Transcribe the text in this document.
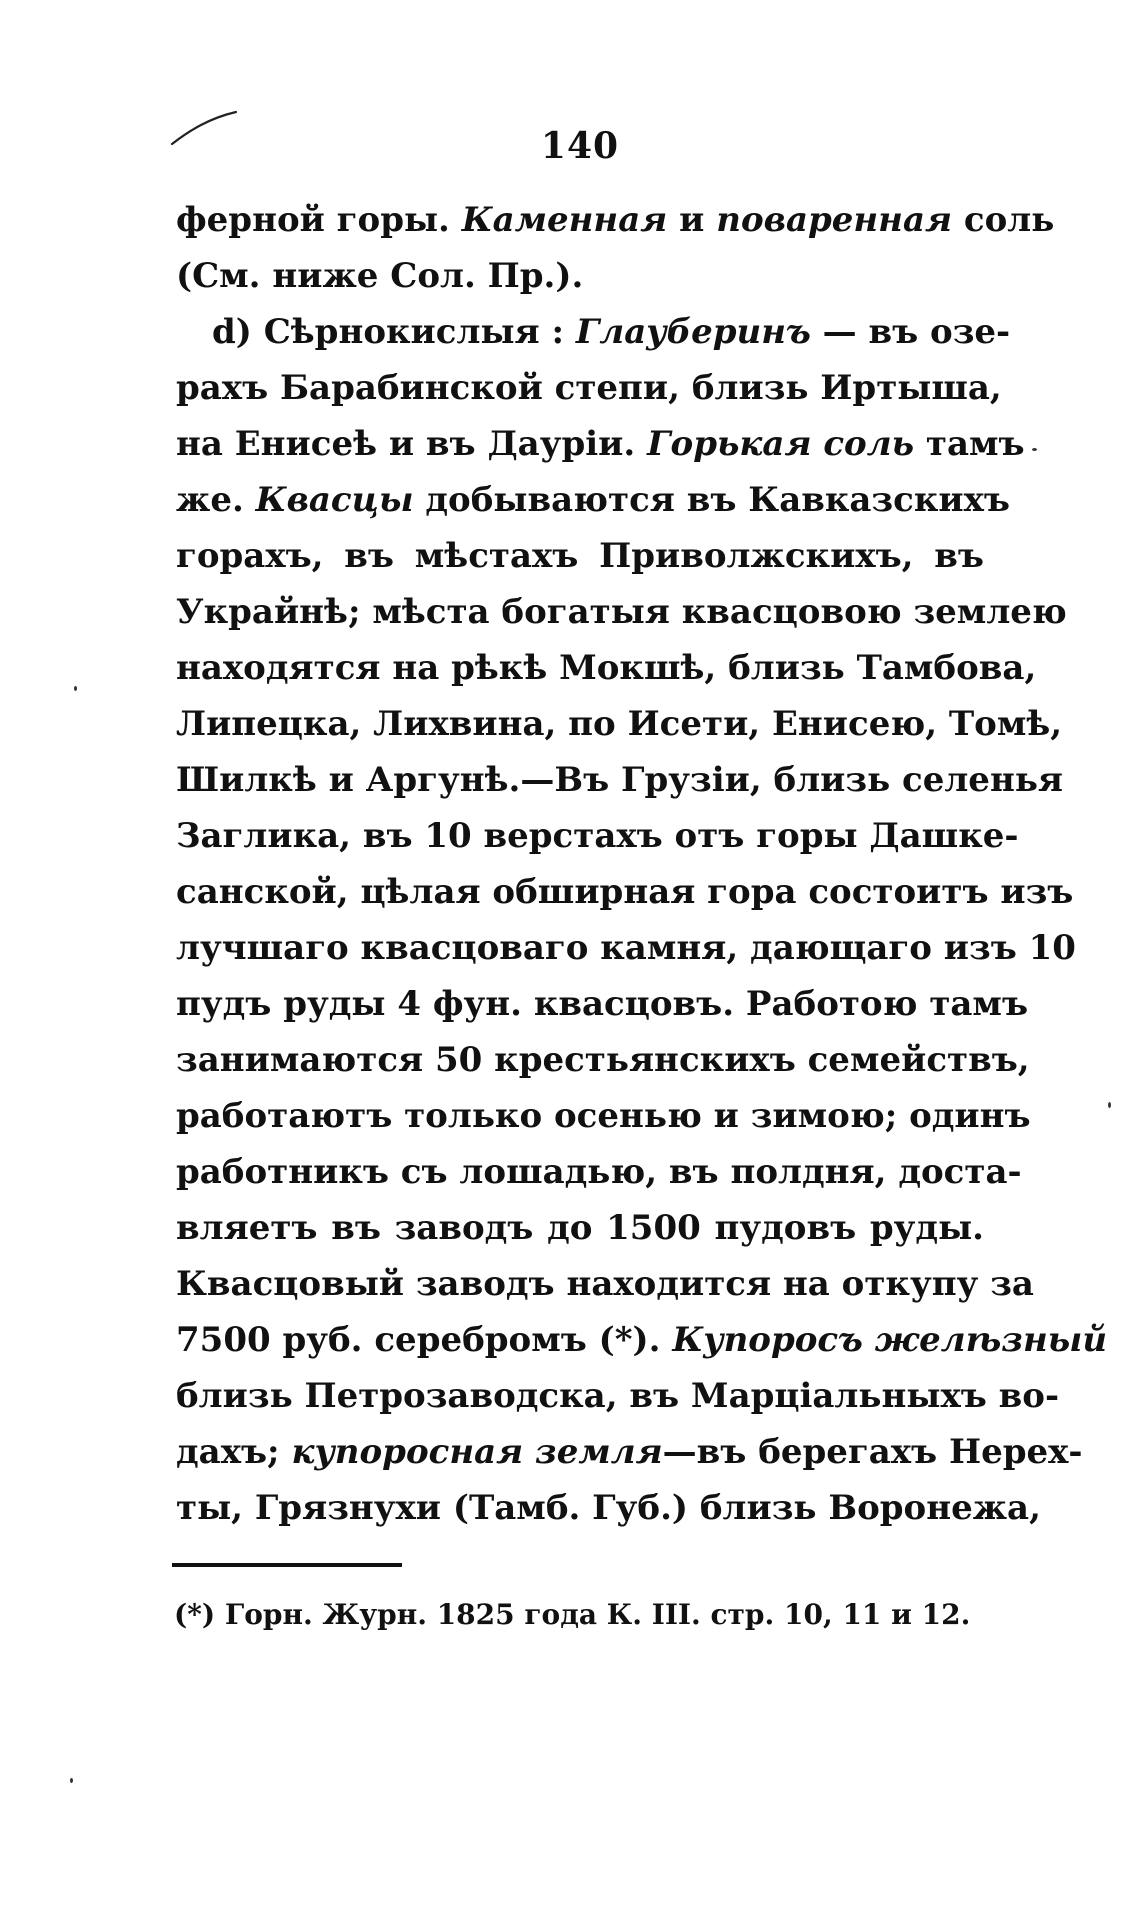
140
ферной горы. Каменная и поваренная соль
(См. ниже Сол. Пр.).
d) Сѣрнокислыя : Глауберинъ — въ озе-
рахъ Барабинской степи, близь Иртыша,
на Енисеѣ и въ Дауріи. Горькая соль тамъ
же. Квасцы добываются въ Кавказскихъ
горахъ, въ мѣстахъ Приволжскихъ, въ
Украйнѣ; мѣста богатыя квасцовою землею
находятся на рѣкѣ Мокшѣ, близь Тамбова,
Липецка, Лихвина, по Исети, Енисею, Томѣ,
Шилкѣ и Аргунѣ.—Въ Грузіи, близь селенья
Заглика, въ 10 верстахъ отъ горы Дашке-
санской, цѣлая обширная гора состоитъ изъ
лучшаго квасцоваго камня, дающаго изъ 10
пудъ руды 4 фун. квасцовъ. Работою тамъ
занимаются 50 крестьянскихъ семействъ,
работаютъ только осенью и зимою; одинъ
работникъ съ лошадью, въ полдня, доста-
вляетъ въ заводъ до 1500 пудовъ руды.
Квасцовый заводъ находится на откупу за
7500 руб. серебромъ (*). Купоросъ желѣзный
близь Петрозаводска, въ Марціальныхъ во-
дахъ; купоросная земля—въ берегахъ Нерех-
ты, Грязнухи (Тамб. Губ.) близь Воронежа,
(*) Горн. Журн. 1825 года К. III. стр. 10, 11 и 12.
